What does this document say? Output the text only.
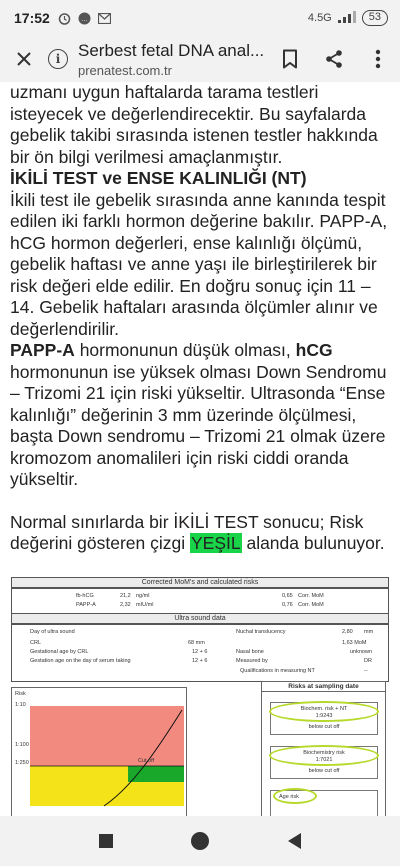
17:52	…	4.5G	53
i	Serbest fetal DNA anal...
prenatest.com.tr

uzmanı uygun haftalarda tarama testleri

isteyecek ve değerlendirecektir. Bu sayfalarda gebelik takibi sırasında istenen testler hakkında bir ön bilgi verilmesi amaçlanmıştır.

İKİLİ TEST ve ENSE KALINLIĞI (NT)

İkili test ile gebelik sırasında anne kanında tespit edilen iki farklı hormon değerine bakılır. PAPP-A, hCG hormon değerleri, ense kalınlığı ölçümü, gebelik haftası ve anne yaşı ile birleştirilerek bir risk değeri elde edilir. En doğru sonuç için 11 – 14. Gebelik haftaları arasında ölçümler alınır ve değerlendirilir.

PAPP-A hormonunun düşük olması, hCG hormonunun ise yüksek olması Down Sendromu – Trizomi 21 için riski yükseltir. Ultrasonda “Ense kalınlığı” değerinin 3 mm üzerinde ölçülmesi, başta Down sendromu – Trizomi 21 olmak üzere kromozom anomalileri için riski ciddi oranda yükseltir.

Normal sınırlarda bir İKİLİ TEST sonucu; Risk değerini gösteren çizgi YEŞİL alanda bulunuyor.

Corrected MoM's and calculated risks
fb-hCG	21,2 ng/ml	0,65 Corr. MoM
PAPP-A	2,32 mIU/ml	0,76 Corr. MoM
Ultra sound data
Day of ultra sound
CRL	68 mm
Gestational age by CRL	12 + 6
Gestation age on the day of serum taking	12 + 6
Nuchal translucency	2,80 mm
1,63 MoM
Nasal bone	unknown
Measured by	DR
Qualifications in measuring NT	--
Risk
1:10
1:100
1:250	Cut off
Risks at sampling date
Biochem. risk + NT
1:9243
below cut off
Biochemistry risk
1:7021
below cut off
Age risk
